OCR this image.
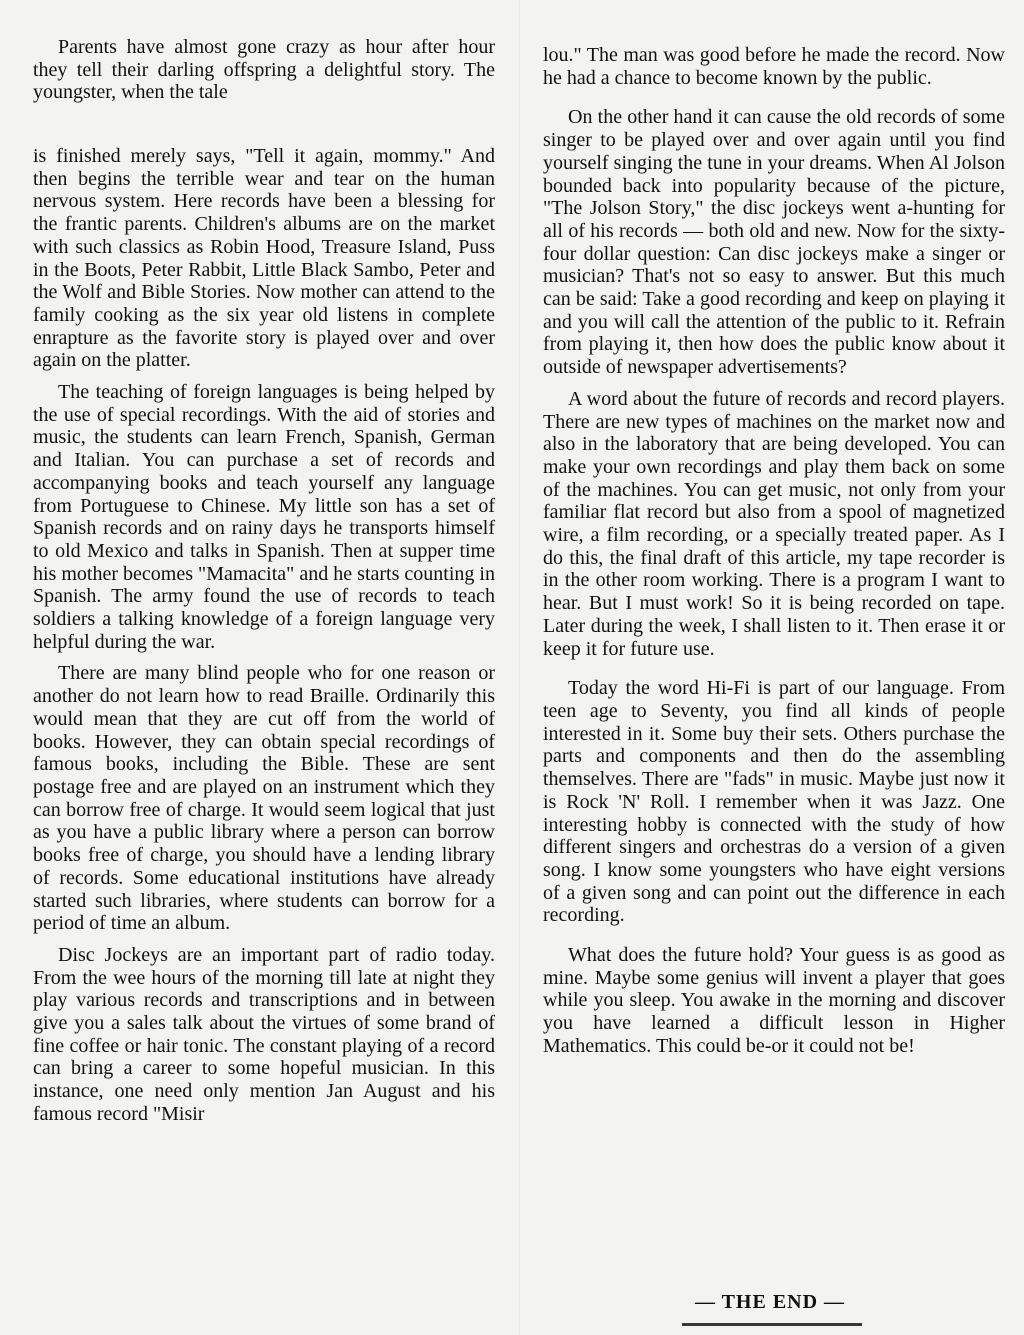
Parents have almost gone crazy as hour after hour they tell their darling offspring a delightful story. The youngster, when the tale

is finished merely says, "Tell it again, mommy." And then begins the terrible wear and tear on the human nervous system. Here records have been a blessing for the frantic parents. Children's albums are on the market with such classics as Robin Hood, Treasure Island, Puss in the Boots, Peter Rabbit, Little Black Sambo, Peter and the Wolf and Bible Stories. Now mother can attend to the family cooking as the six year old listens in complete enrapture as the favorite story is played over and over again on the platter.

The teaching of foreign languages is being helped by the use of special recordings. With the aid of stories and music, the students can learn French, Spanish, German and Italian. You can purchase a set of records and accompanying books and teach yourself any language from Portuguese to Chinese. My little son has a set of Spanish records and on rainy days he transports himself to old Mexico and talks in Spanish. Then at supper time his mother becomes "Mamacita" and he starts counting in Spanish. The army found the use of records to teach soldiers a talking knowledge of a foreign language very helpful during the war.

There are many blind people who for one reason or another do not learn how to read Braille. Ordinarily this would mean that they are cut off from the world of books. However, they can obtain special recordings of famous books, including the Bible. These are sent postage free and are played on an instrument which they can borrow free of charge. It would seem logical that just as you have a public library where a person can borrow books free of charge, you should have a lending library of records. Some educational institutions have already started such libraries, where students can borrow for a period of time an album.

Disc Jockeys are an important part of radio today. From the wee hours of the morning till late at night they play various records and transcriptions and in between give you a sales talk about the virtues of some brand of fine coffee or hair tonic. The constant playing of a record can bring a career to some hopeful musician. In this instance, one need only mention Jan August and his famous record "Misir

lou." The man was good before he made the record. Now he had a chance to become known by the public.

On the other hand it can cause the old records of some singer to be played over and over again until you find yourself singing the tune in your dreams. When Al Jolson bounded back into popularity because of the picture, "The Jolson Story," the disc jockeys went a-hunting for all of his records — both old and new. Now for the sixty-four dollar question: Can disc jockeys make a singer or musician? That's not so easy to answer. But this much can be said: Take a good recording and keep on playing it and you will call the attention of the public to it. Refrain from playing it, then how does the public know about it outside of newspaper advertisements?

A word about the future of records and record players. There are new types of machines on the market now and also in the laboratory that are being developed. You can make your own recordings and play them back on some of the machines. You can get music, not only from your familiar flat record but also from a spool of magnetized wire, a film recording, or a specially treated paper. As I do this, the final draft of this article, my tape recorder is in the other room working. There is a program I want to hear. But I must work! So it is being recorded on tape. Later during the week, I shall listen to it. Then erase it or keep it for future use.

Today the word Hi-Fi is part of our language. From teen age to Seventy, you find all kinds of people interested in it. Some buy their sets. Others purchase the parts and components and then do the assembling themselves. There are "fads" in music. Maybe just now it is Rock 'N' Roll. I remember when it was Jazz. One interesting hobby is connected with the study of how different singers and orchestras do a version of a given song. I know some youngsters who have eight versions of a given song and can point out the difference in each recording.

What does the future hold? Your guess is as good as mine. Maybe some genius will invent a player that goes while you sleep. You awake in the morning and discover you have learned a difficult lesson in Higher Mathematics. This could be-or it could not be!

— THE END —
